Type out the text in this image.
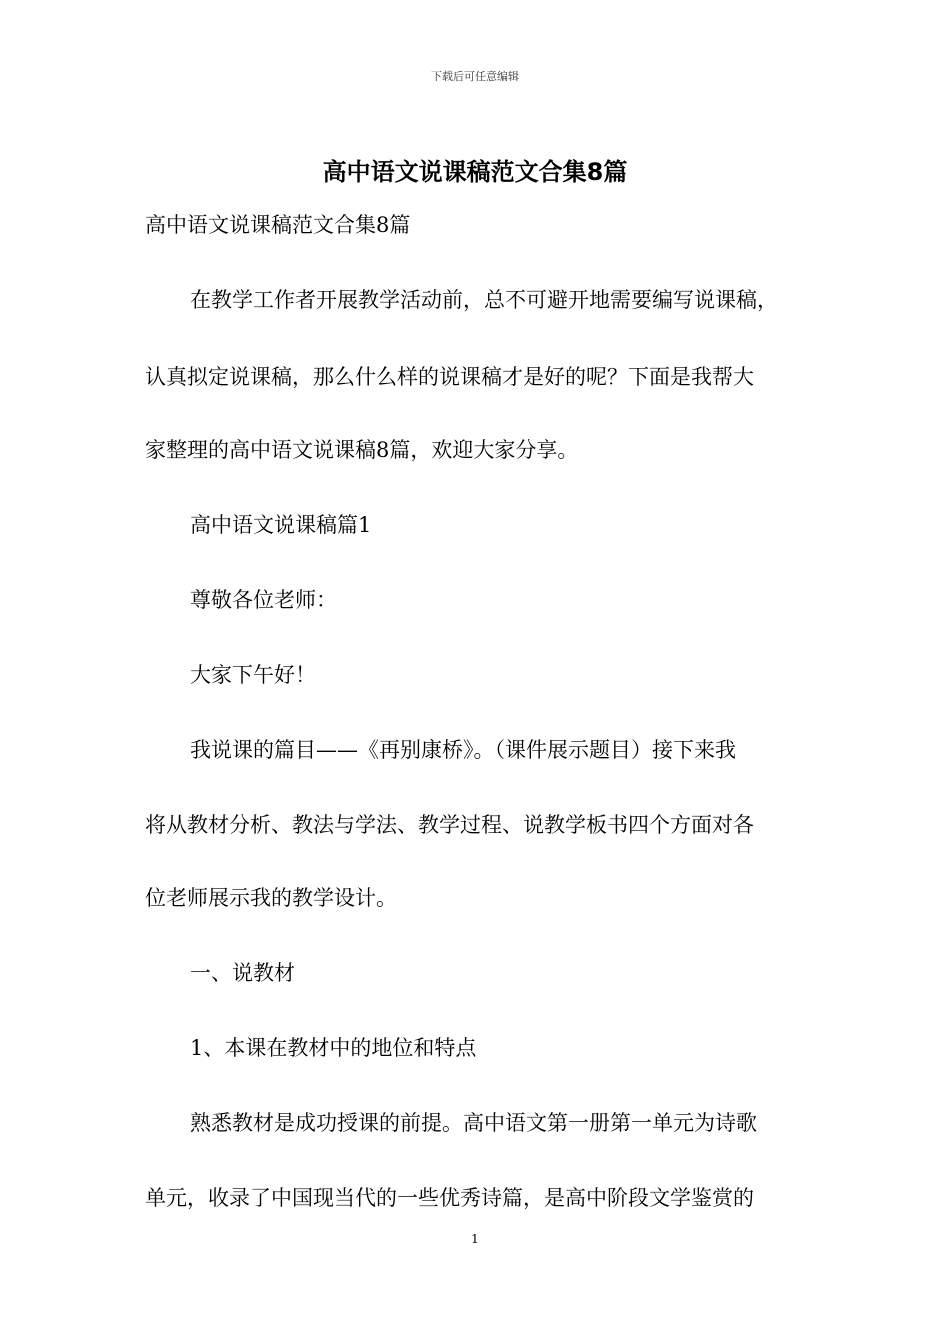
下载后可任意编辑
高中语文说课稿范文合集8篇
高中语文说课稿范文合集8篇
在教学工作者开展教学活动前，总不可避开地需要编写说课稿，
认真拟定说课稿，那么什么样的说课稿才是好的呢？下面是我帮大
家整理的高中语文说课稿8篇，欢迎大家分享。
高中语文说课稿篇1
尊敬各位老师：
大家下午好！
我说课的篇目——《再别康桥》。（课件展示题目）接下来我
将从教材分析、教法与学法、教学过程、说教学板书四个方面对各
位老师展示我的教学设计。
一、说教材
1、本课在教材中的地位和特点
熟悉教材是成功授课的前提。高中语文第一册第一单元为诗歌
单元，收录了中国现当代的一些优秀诗篇，是高中阶段文学鉴赏的
1
